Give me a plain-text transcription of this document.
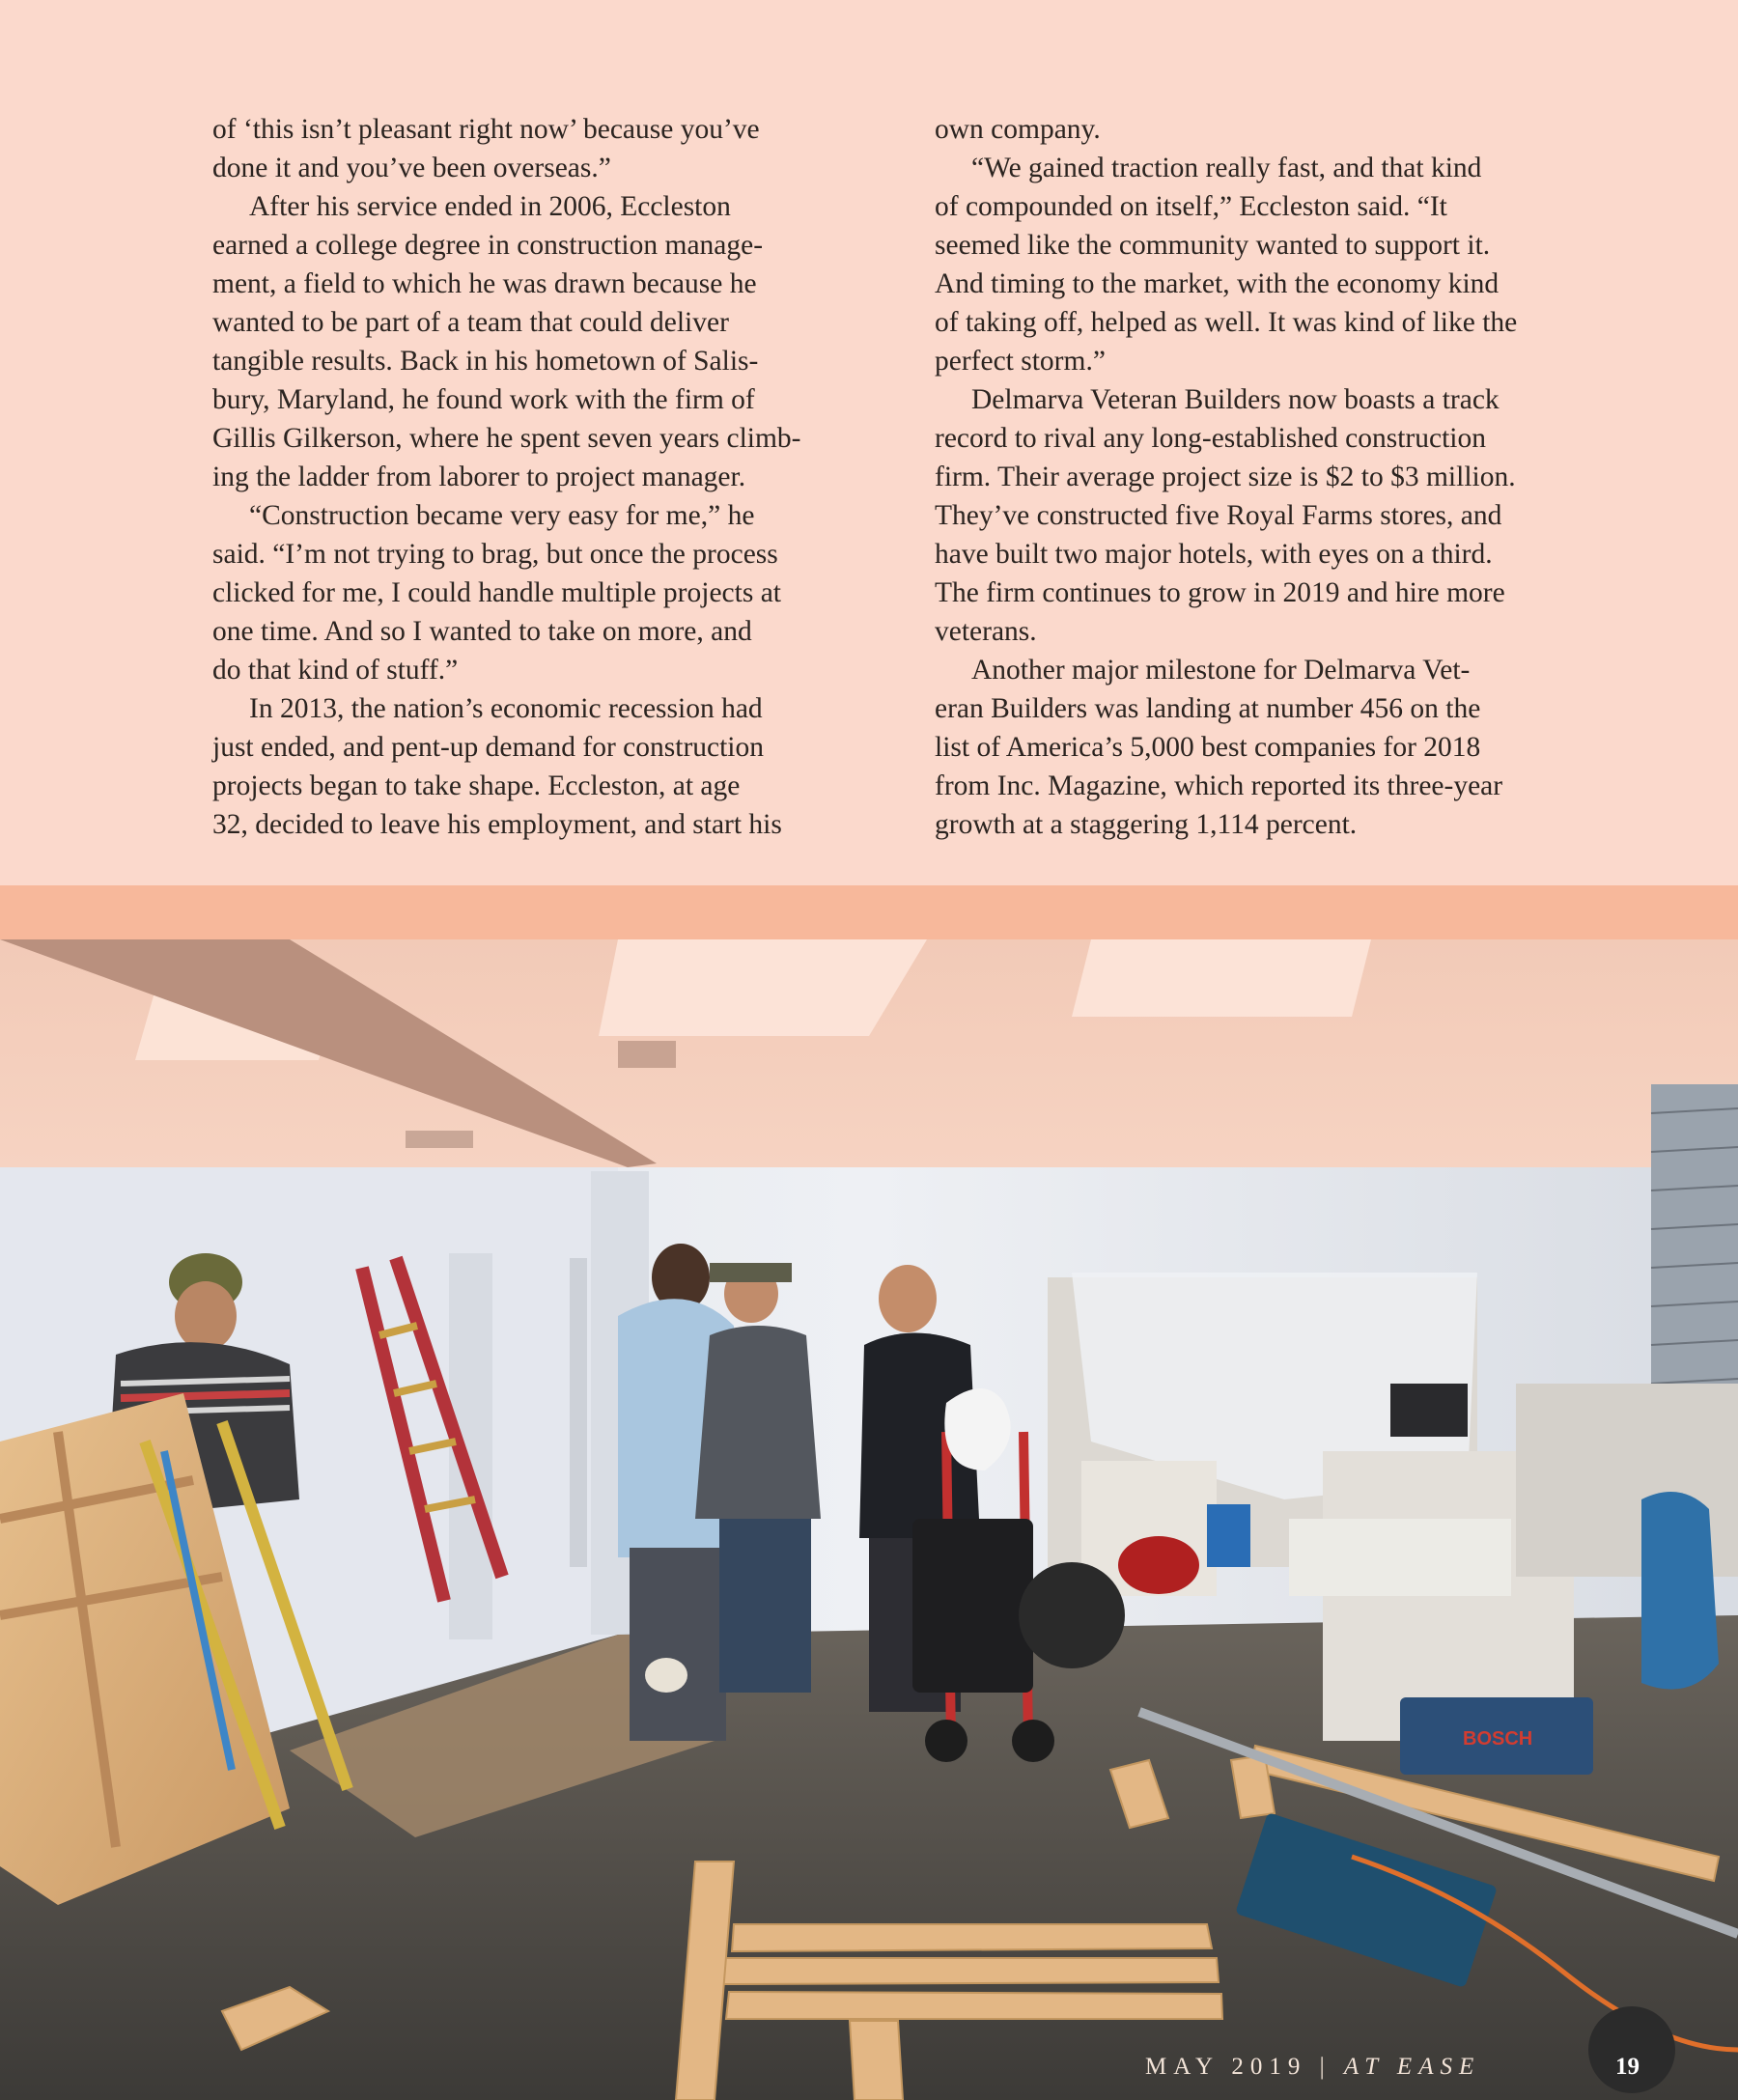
of ‘this isn’t pleasant right now’ because you’ve
done it and you’ve been overseas.”

After his service ended in 2006, Eccleston
earned a college degree in construction manage-
ment, a field to which he was drawn because he
wanted to be part of a team that could deliver
tangible results. Back in his hometown of Salis-
bury, Maryland, he found work with the firm of
Gillis Gilkerson, where he spent seven years climb-
ing the ladder from laborer to project manager.

“Construction became very easy for me,” he
said. “I’m not trying to brag, but once the process
clicked for me, I could handle multiple projects at
one time. And so I wanted to take on more, and
do that kind of stuff.”

In 2013, the nation’s economic recession had
just ended, and pent-up demand for construction
projects began to take shape. Eccleston, at age
32, decided to leave his employment, and start his

own company.

“We gained traction really fast, and that kind
of compounded on itself,” Eccleston said. “It
seemed like the community wanted to support it.
And timing to the market, with the economy kind
of taking off, helped as well. It was kind of like the
perfect storm.”

Delmarva Veteran Builders now boasts a track
record to rival any long-established construction
firm. Their average project size is $2 to $3 million.
They’ve constructed five Royal Farms stores, and
have built two major hotels, with eyes on a third.
The firm continues to grow in 2019 and hire more
veterans.

Another major milestone for Delmarva Vet-
eran Builders was landing at number 456 on the
list of America’s 5,000 best companies for 2018
from Inc. Magazine, which reported its three-year
growth at a staggering 1,114 percent.

BOSCH
MAY 2019 | AT EASE	19
